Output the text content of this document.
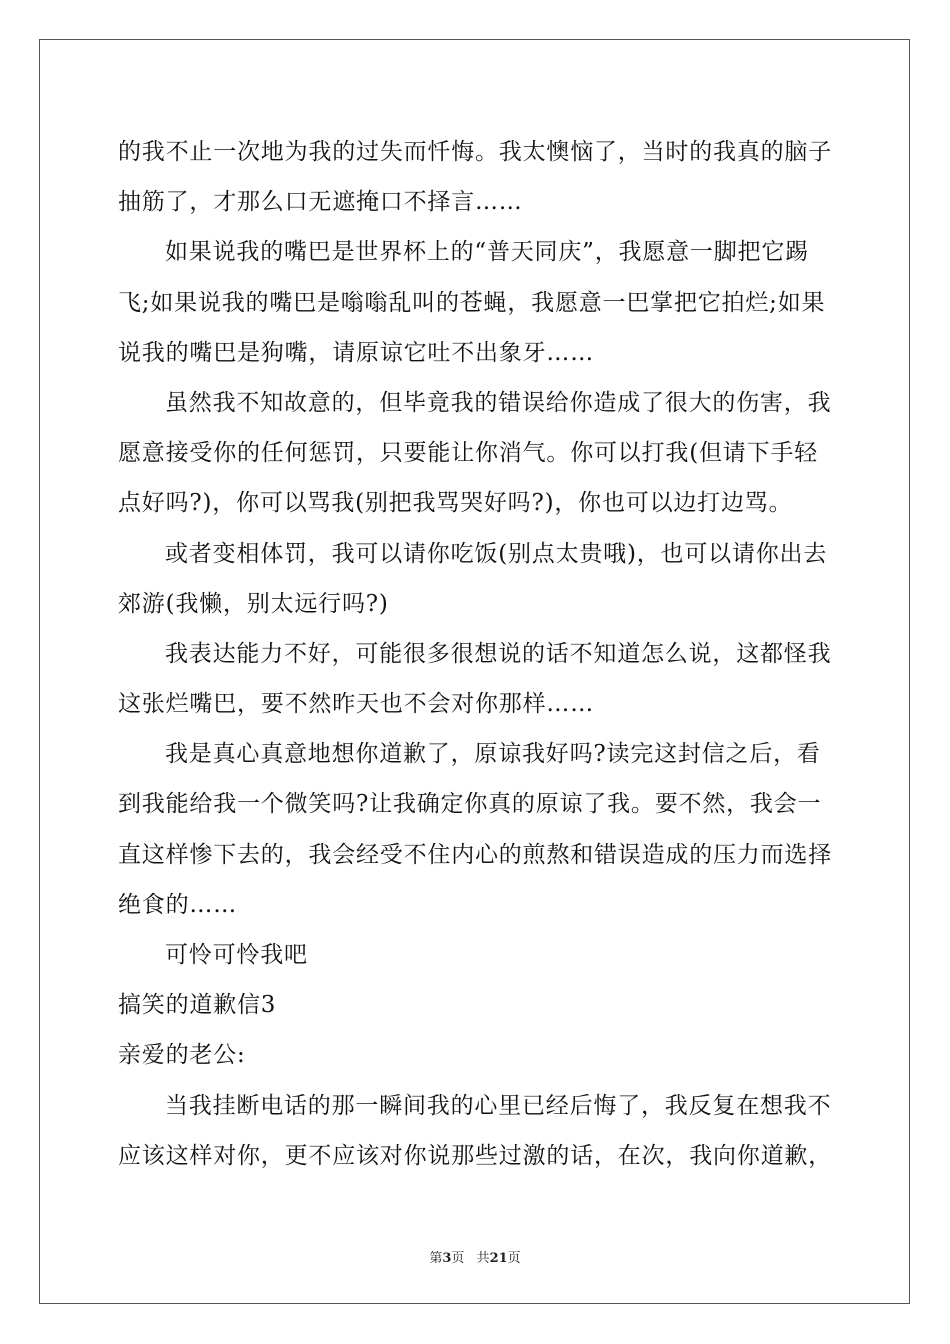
的我不止一次地为我的过失而忏悔。我太懊恼了，当时的我真的脑子
抽筋了，才那么口无遮掩口不择言……
如果说我的嘴巴是世界杯上的“普天同庆”，我愿意一脚把它踢
飞;如果说我的嘴巴是嗡嗡乱叫的苍蝇，我愿意一巴掌把它拍烂;如果
说我的嘴巴是狗嘴，请原谅它吐不出象牙……
虽然我不知故意的，但毕竟我的错误给你造成了很大的伤害，我
愿意接受你的任何惩罚，只要能让你消气。你可以打我(但请下手轻
点好吗?)，你可以骂我(别把我骂哭好吗?)，你也可以边打边骂。
或者变相体罚，我可以请你吃饭(别点太贵哦)，也可以请你出去
郊游(我懒，别太远行吗?)
我表达能力不好，可能很多很想说的话不知道怎么说，这都怪我
这张烂嘴巴，要不然昨天也不会对你那样……
我是真心真意地想你道歉了，原谅我好吗?读完这封信之后，看
到我能给我一个微笑吗?让我确定你真的原谅了我。要不然，我会一
直这样惨下去的，我会经受不住内心的煎熬和错误造成的压力而选择
绝食的……
可怜可怜我吧
搞笑的道歉信3
亲爱的老公:
当我挂断电话的那一瞬间我的心里已经后悔了，我反复在想我不
应该这样对你，更不应该对你说那些过激的话，在次，我向你道歉，
第3页 共21页
